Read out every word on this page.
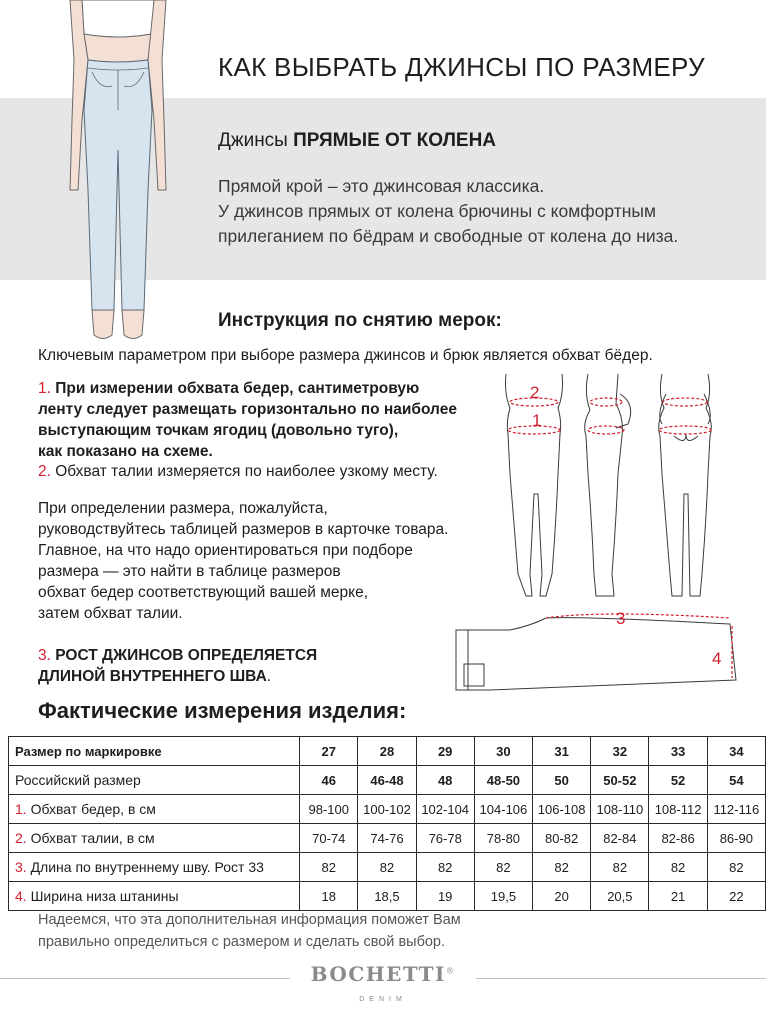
КАК ВЫБРАТЬ ДЖИНСЫ ПО РАЗМЕРУ
Джинсы ПРЯМЫЕ ОТ КОЛЕНА
Прямой крой – это джинсовая классика.
У джинсов прямых от колена брючины с комфортным
прилеганием по бёдрам и свободные от колена до низа.
Инструкция по снятию мерок:
Ключевым параметром при выборе размера джинсов и брюк является обхват бёдер.
1. При измерении обхвата бедер, сантиметровую
ленту следует размещать горизонтально по наиболее
выступающим точкам ягодиц (довольно туго),
как показано на схеме.
2. Обхват талии измеряется по наиболее узкому месту.
При определении размера, пожалуйста,
руководствуйтесь таблицей размеров в карточке товара.
Главное, на что надо ориентироваться при подборе
размера — это найти в таблице размеров
обхват бедер соответствующий вашей мерке,
затем обхват талии.
3. РОСТ ДЖИНСОВ ОПРЕДЕЛЯЕТСЯ
ДЛИНОЙ ВНУТРЕННЕГО ШВА.
2
1
3
4
Фактические измерения изделия:
Размер по маркировке	27	28	29	30	31	32	33	34
Российский размер	46	46-48	48	48-50	50	50-52	52	54
1. Обхват бедер, в см	98-100	100-102	102-104	104-106	106-108	108-110	108-112	112-116
2. Обхват талии, в см	70-74	74-76	76-78	78-80	80-82	82-84	82-86	86-90
3. Длина по внутреннему шву. Рост 33	82	82	82	82	82	82	82	82
4. Ширина низа штанины	18	18,5	19	19,5	20	20,5	21	22
Надеемся, что эта дополнительная информация поможет Вам
правильно определиться с размером и сделать свой выбор.
BOCHETTI®
DENIM
